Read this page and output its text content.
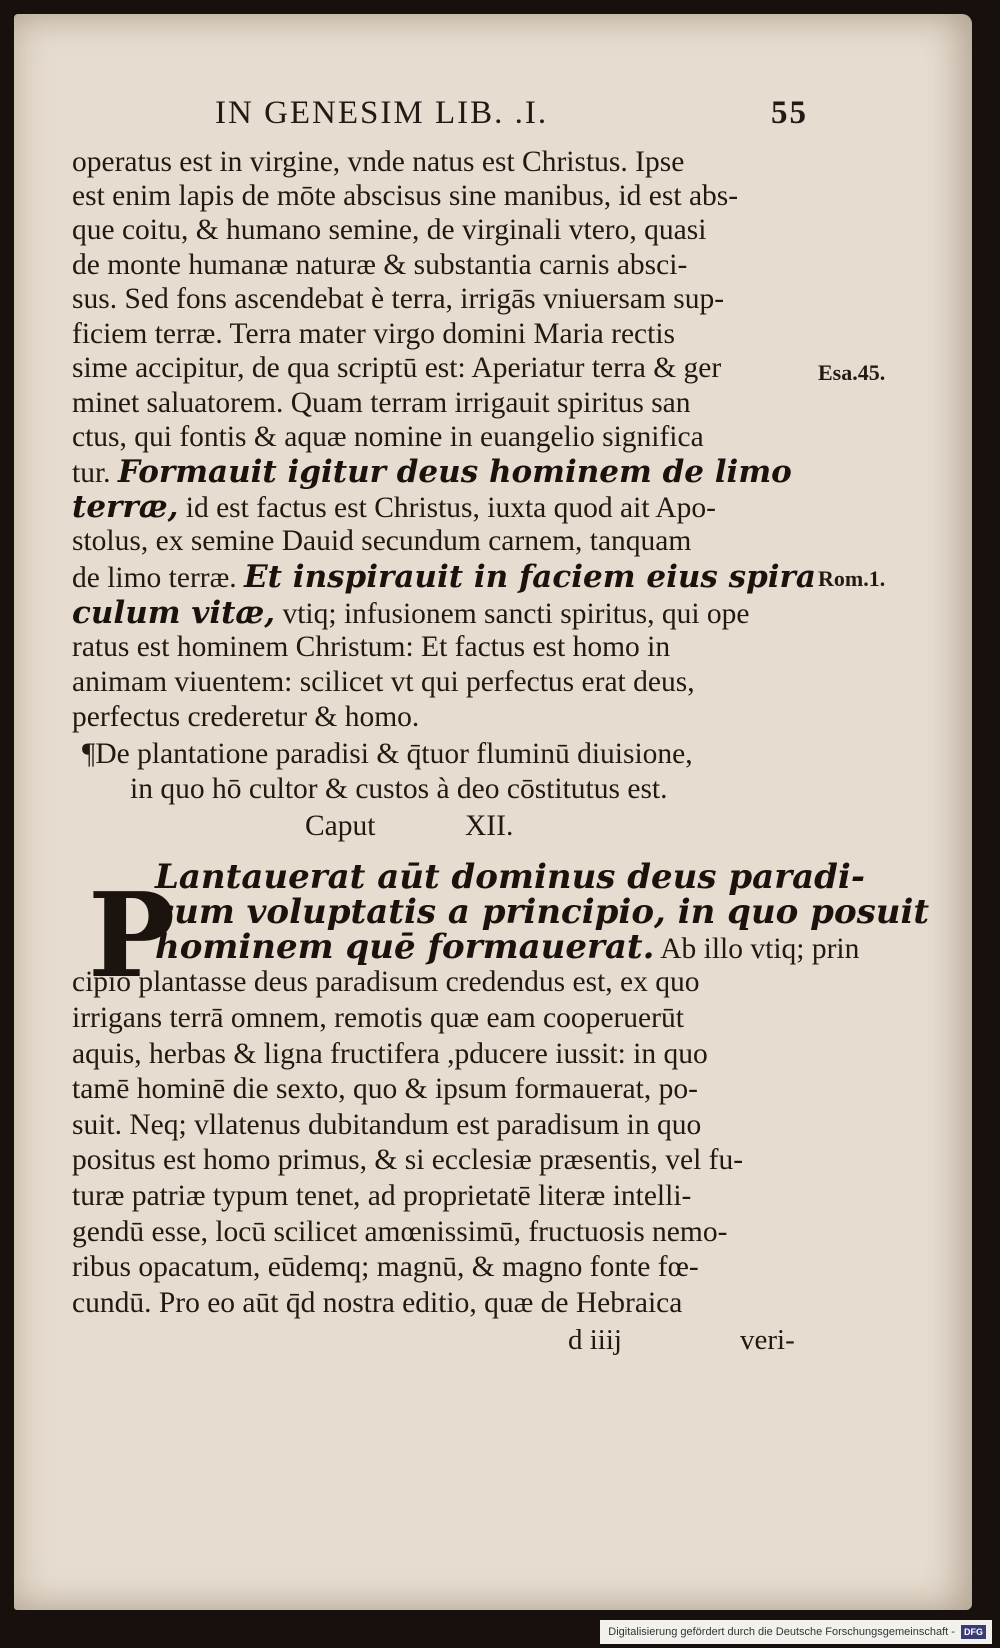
IN GENESIM LIB. .I.	55
operatus est in virgine, vnde natus est Christus. Ipse
est enim lapis de mōte abscisus sine manibus, id est abs-
que coitu, & humano semine, de virginali vtero, quasi
de monte humanæ naturæ & substantia carnis absci-
sus. Sed fons ascendebat è terra, irrigās vniuersam sup-
ficiem terræ. Terra mater virgo domini Maria rectis
sime accipitur, de qua scriptū est: Aperiatur terra & ger
minet saluatorem. Quam terram irrigauit spiritus san
ctus, qui fontis & aquæ nomine in euangelio significa
tur. Formauit igitur deus hominem de limo
terræ, id est factus est Christus, iuxta quod ait Apo-
stolus, ex semine Dauid secundum carnem, tanquam
de limo terræ. Et inspirauit in faciem eius spira
culum vitæ, vtiq; infusionem sancti spiritus, qui ope
ratus est hominem Christum: Et factus est homo in
animam viuentem: scilicet vt qui perfectus erat deus,
perfectus crederetur & homo.
¶De plantatione paradisi & q̄tuor fluminū diuisione,
in quo hō cultor & custos à deo cōstitutus est.
Caput	XII.
P
Lantauerat aūt dominus deus paradi-
sum voluptatis a principio, in quo posuit
hominem quē formauerat. Ab illo vtiq; prin
cipio plantasse deus paradisum credendus est, ex quo
irrigans terrā omnem, remotis quæ eam cooperuerūt
aquis, herbas & ligna fructifera ,pducere iussit: in quo
tamē hominē die sexto, quo & ipsum formauerat, po-
suit. Neq; vllatenus dubitandum est paradisum in quo
positus est homo primus, & si ecclesiæ præsentis, vel fu-
turæ patriæ typum tenet, ad proprietatē literæ intelli-
gendū esse, locū scilicet amœnissimū, fructuosis nemo-
ribus opacatum, eūdemq; magnū, & magno fonte fœ-
cundū. Pro eo aūt q̄d nostra editio, quæ de Hebraica
d iiij	veri-
Esa.45.
Rom.1.
Digitalisierung gefördert durch die Deutsche Forschungsgemeinschaft - DFG
